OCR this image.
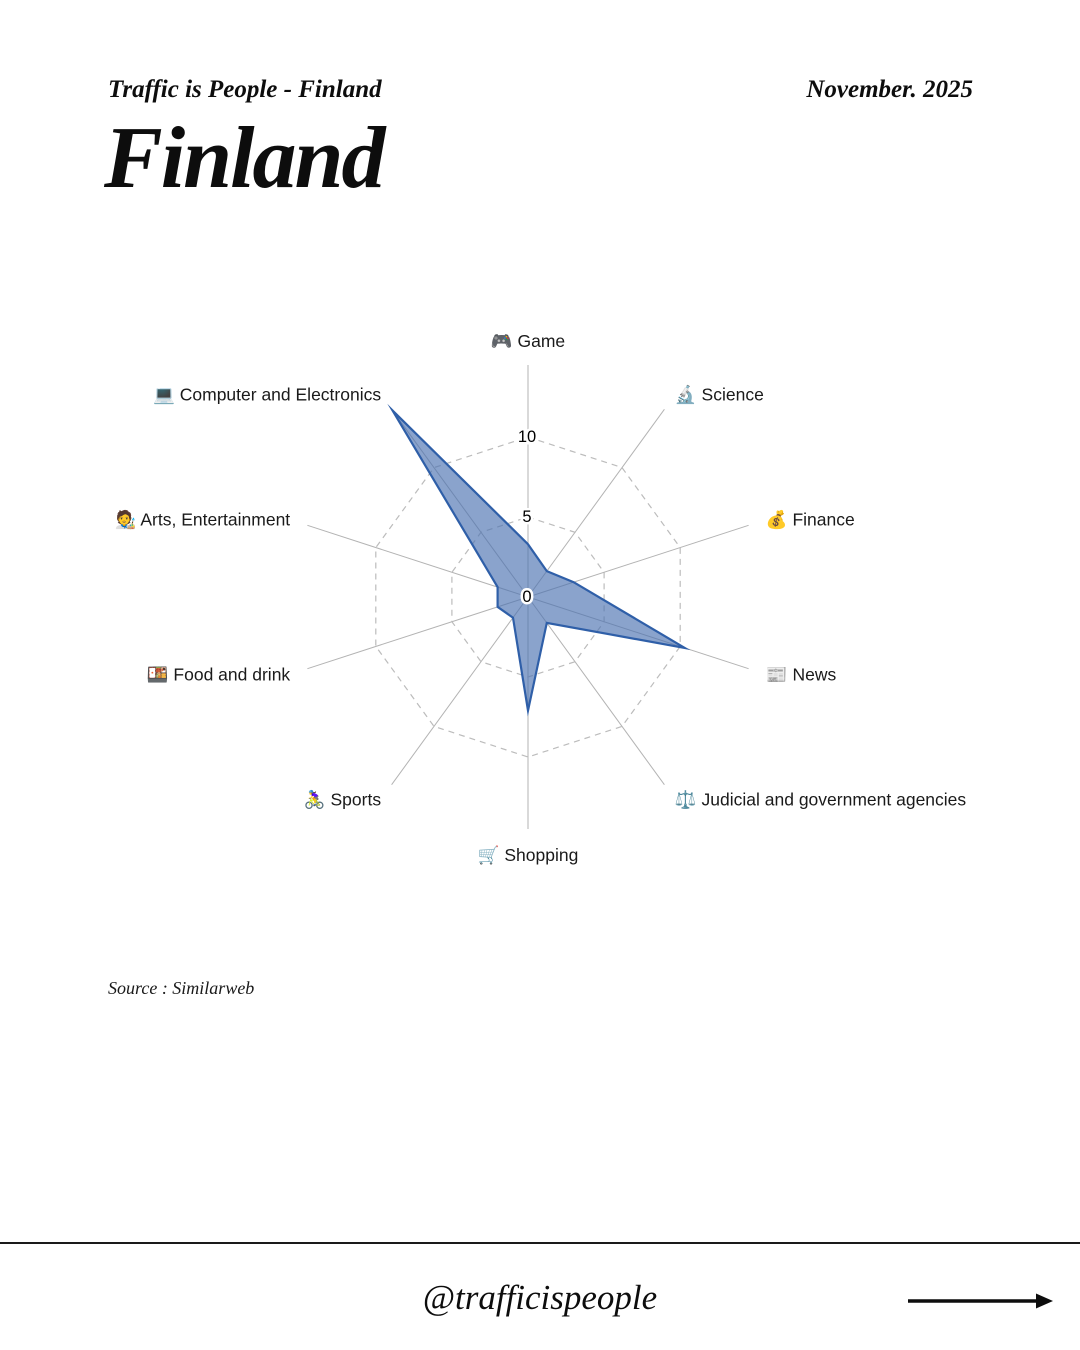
Traffic is People - Finland	November. 2025
Finland
0
5
10
🎮 Game
🔬 Science
💰 Finance
📰 News
⚖️ Judicial and government agencies
🛒 Shopping
🚴‍♀️ Sports
🍱 Food and drink
🧑‍🎨 Arts, Entertainment
💻 Computer and Electronics
Source : Similarweb
@trafficispeople
